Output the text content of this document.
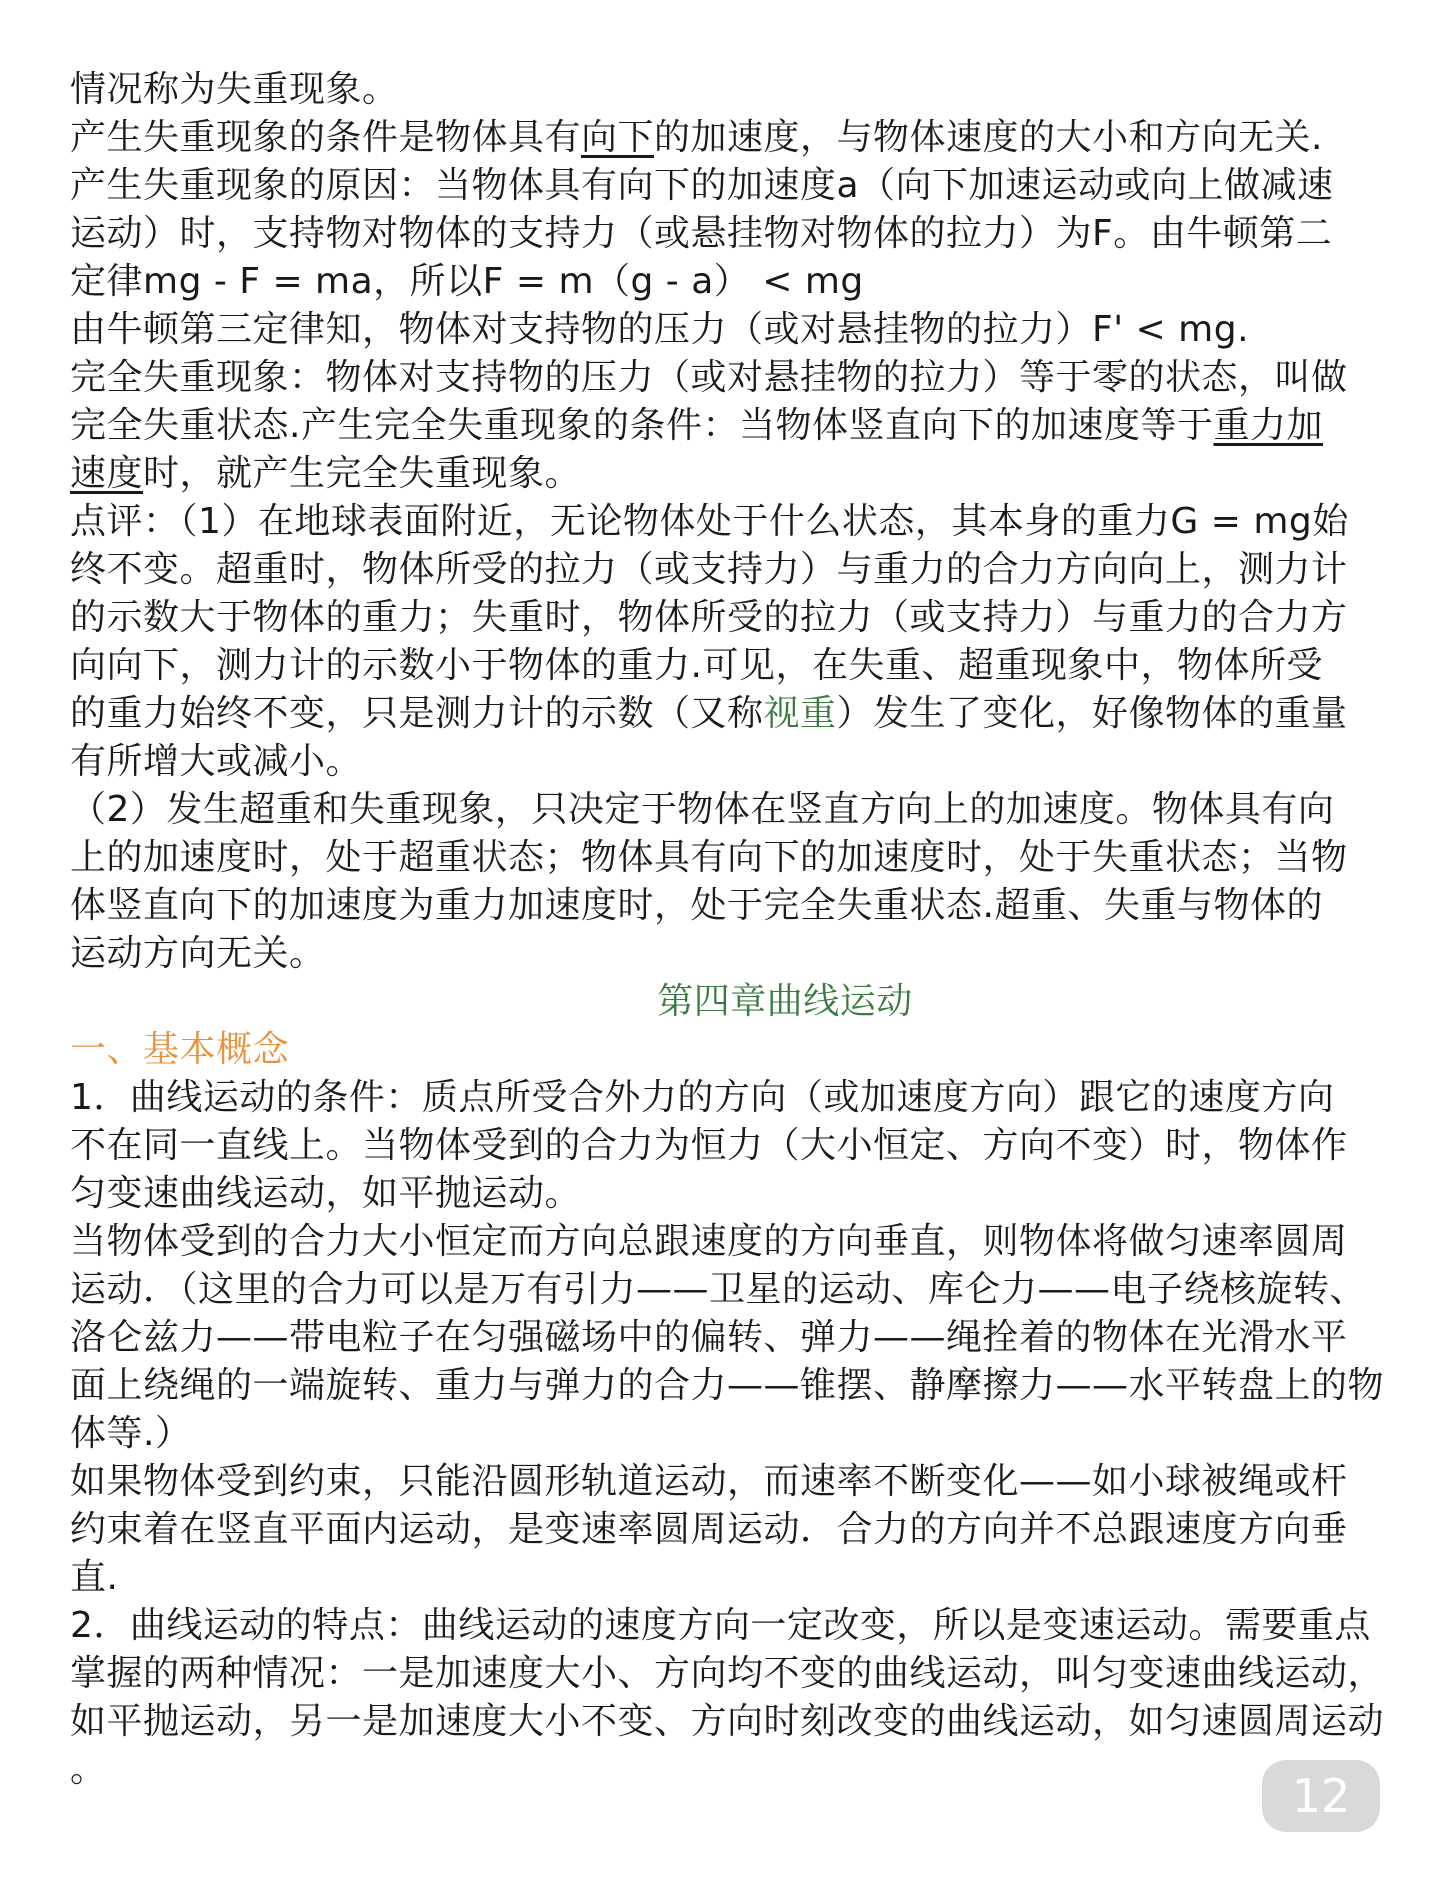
情况称为失重现象。
产生失重现象的条件是物体具有向下的加速度，与物体速度的大小和方向无关.
产生失重现象的原因：当物体具有向下的加速度a（向下加速运动或向上做减速
运动）时，支持物对物体的支持力（或悬挂物对物体的拉力）为F。由牛顿第二
定律mg - F = ma，所以F = m（g - a） < mg
由牛顿第三定律知，物体对支持物的压力（或对悬挂物的拉力）F' < mg.
完全失重现象：物体对支持物的压力（或对悬挂物的拉力）等于零的状态，叫做
完全失重状态.产生完全失重现象的条件：当物体竖直向下的加速度等于重力加
速度时，就产生完全失重现象。
点评：（1）在地球表面附近，无论物体处于什么状态，其本身的重力G = mg始
终不变。超重时，物体所受的拉力（或支持力）与重力的合力方向向上，测力计
的示数大于物体的重力；失重时，物体所受的拉力（或支持力）与重力的合力方
向向下，测力计的示数小于物体的重力.可见，在失重、超重现象中，物体所受
的重力始终不变，只是测力计的示数（又称视重）发生了变化，好像物体的重量
有所增大或减小。
（2）发生超重和失重现象，只决定于物体在竖直方向上的加速度。物体具有向
上的加速度时，处于超重状态；物体具有向下的加速度时，处于失重状态；当物
体竖直向下的加速度为重力加速度时，处于完全失重状态.超重、失重与物体的
运动方向无关。
第四章曲线运动
一、基本概念
1．曲线运动的条件：质点所受合外力的方向（或加速度方向）跟它的速度方向
不在同一直线上。当物体受到的合力为恒力（大小恒定、方向不变）时，物体作
匀变速曲线运动，如平抛运动。
当物体受到的合力大小恒定而方向总跟速度的方向垂直，则物体将做匀速率圆周
运动．（这里的合力可以是万有引力——卫星的运动、库仑力——电子绕核旋转、
洛仑兹力——带电粒子在匀强磁场中的偏转、弹力——绳拴着的物体在光滑水平
面上绕绳的一端旋转、重力与弹力的合力——锥摆、静摩擦力——水平转盘上的物
体等.）
如果物体受到约束，只能沿圆形轨道运动，而速率不断变化——如小球被绳或杆
约束着在竖直平面内运动，是变速率圆周运动．合力的方向并不总跟速度方向垂
直.
2．曲线运动的特点：曲线运动的速度方向一定改变，所以是变速运动。需要重点
掌握的两种情况：一是加速度大小、方向均不变的曲线运动，叫匀变速曲线运动，
如平抛运动，另一是加速度大小不变、方向时刻改变的曲线运动，如匀速圆周运动
。	12
